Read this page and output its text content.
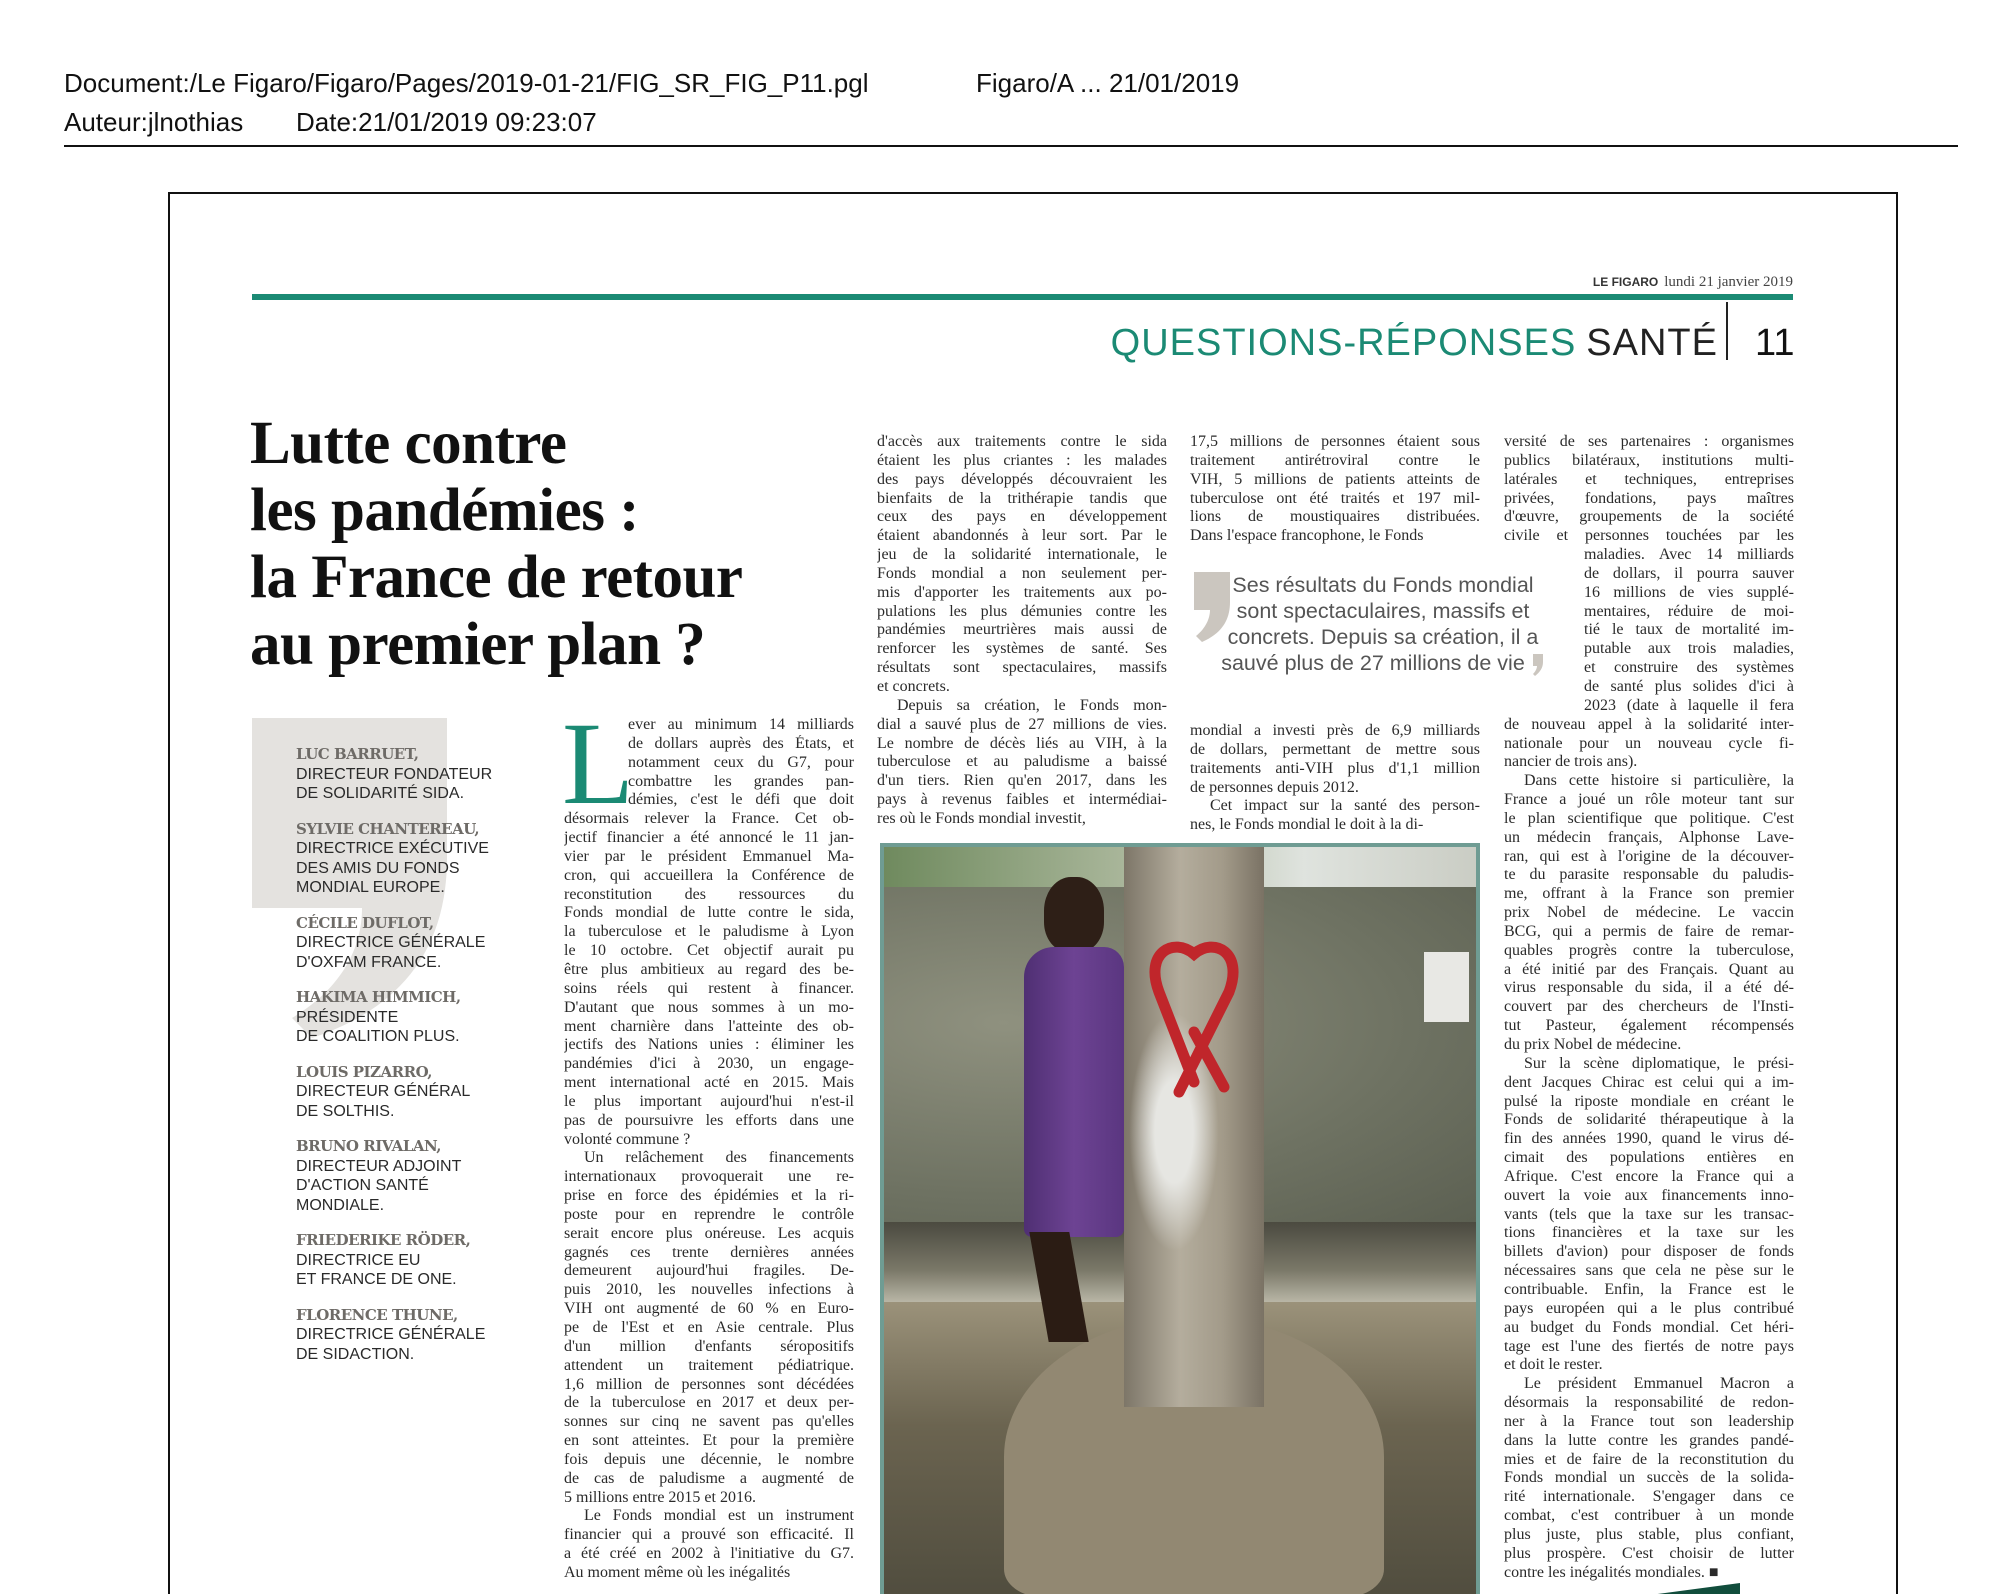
Document:/Le Figaro/Figaro/Pages/2019-01-21/FIG_SR_FIG_P11.pgl	Figaro/A ... 21/01/2019
Auteur:jlnothias Date:21/01/2019 09:23:07
LE FIGARO lundi 21 janvier 2019
QUESTIONS-RÉPONSES SANTÉ 11
Lutte contre
les pandémies :
la France de retour
au premier plan ?
LUC BARRUET,
DIRECTEUR FONDATEUR
DE SOLIDARITÉ SIDA.
SYLVIE CHANTEREAU,
DIRECTRICE EXÉCUTIVE
DES AMIS DU FONDS
MONDIAL EUROPE.
CÉCILE DUFLOT,
DIRECTRICE GÉNÉRALE
D'OXFAM FRANCE.
HAKIMA HIMMICH,
PRÉSIDENTE
DE COALITION PLUS.
LOUIS PIZARRO,
DIRECTEUR GÉNÉRAL
DE SOLTHIS.
BRUNO RIVALAN,
DIRECTEUR ADJOINT
D'ACTION SANTÉ
MONDIALE.
FRIEDERIKE RÖDER,
DIRECTRICE EU
ET FRANCE DE ONE.
FLORENCE THUNE,
DIRECTRICE GÉNÉRALE
DE SIDACTION.
L
ever au minimum 14 milliards
de dollars auprès des États, et
notamment ceux du G7, pour
combattre les grandes pan-
démies, c'est le défi que doit
désormais relever la France. Cet ob-
jectif financier a été annoncé le 11 jan-
vier par le président Emmanuel Ma-
cron, qui accueillera la Conférence de
reconstitution des ressources du
Fonds mondial de lutte contre le sida,
la tuberculose et le paludisme à Lyon
le 10 octobre. Cet objectif aurait pu
être plus ambitieux au regard des be-
soins réels qui restent à financer.
D'autant que nous sommes à un mo-
ment charnière dans l'atteinte des ob-
jectifs des Nations unies : éliminer les
pandémies d'ici à 2030, un engage-
ment international acté en 2015. Mais
le plus important aujourd'hui n'est-il
pas de poursuivre les efforts dans une
volonté commune ?
Un relâchement des financements
internationaux provoquerait une re-
prise en force des épidémies et la ri-
poste pour en reprendre le contrôle
serait encore plus onéreuse. Les acquis
gagnés ces trente dernières années
demeurent aujourd'hui fragiles. De-
puis 2010, les nouvelles infections à
VIH ont augmenté de 60 % en Euro-
pe de l'Est et en Asie centrale. Plus
d'un million d'enfants séropositifs
attendent un traitement pédiatrique.
1,6 million de personnes sont décédées
de la tuberculose en 2017 et deux per-
sonnes sur cinq ne savent pas qu'elles
en sont atteintes. Et pour la première
fois depuis une décennie, le nombre
de cas de paludisme a augmenté de
5 millions entre 2015 et 2016.
Le Fonds mondial est un instrument
financier qui a prouvé son efficacité. Il
a été créé en 2002 à l'initiative du G7.
Au moment même où les inégalités
d'accès aux traitements contre le sida
étaient les plus criantes : les malades
des pays développés découvraient les
bienfaits de la trithérapie tandis que
ceux des pays en développement
étaient abandonnés à leur sort. Par le
jeu de la solidarité internationale, le
Fonds mondial a non seulement per-
mis d'apporter les traitements aux po-
pulations les plus démunies contre les
pandémies meurtrières mais aussi de
renforcer les systèmes de santé. Ses
résultats sont spectaculaires, massifs
et concrets.
Depuis sa création, le Fonds mon-
dial a sauvé plus de 27 millions de vies.
Le nombre de décès liés au VIH, à la
tuberculose et au paludisme a baissé
d'un tiers. Rien qu'en 2017, dans les
pays à revenus faibles et intermédiai-
res où le Fonds mondial investit,
17,5 millions de personnes étaient sous
traitement antirétroviral contre le
VIH, 5 millions de patients atteints de
tuberculose ont été traités et 197 mil-
lions de moustiquaires distribuées.
Dans l'espace francophone, le Fonds
mondial a investi près de 6,9 milliards
de dollars, permettant de mettre sous
traitements anti-VIH plus d'1,1 million
de personnes depuis 2012.
Cet impact sur la santé des person-
nes, le Fonds mondial le doit à la di-
versité de ses partenaires : organismes
publics bilatéraux, institutions multi-
latérales et techniques, entreprises
privées, fondations, pays maîtres
d'œuvre, groupements de la société
civile et personnes touchées par les
maladies. Avec 14 milliards
de dollars, il pourra sauver
16 millions de vies supplé-
mentaires, réduire de moi-
tié le taux de mortalité im-
putable aux trois maladies,
et construire des systèmes
de santé plus solides d'ici à
2023 (date à laquelle il fera
de nouveau appel à la solidarité inter-
nationale pour un nouveau cycle fi-
nancier de trois ans).
Dans cette histoire si particulière, la
France a joué un rôle moteur tant sur
le plan scientifique que politique. C'est
un médecin français, Alphonse Lave-
ran, qui est à l'origine de la découver-
te du parasite responsable du paludis-
me, offrant à la France son premier
prix Nobel de médecine. Le vaccin
BCG, qui a permis de faire de remar-
quables progrès contre la tuberculose,
a été initié par des Français. Quant au
virus responsable du sida, il a été dé-
couvert par des chercheurs de l'Insti-
tut Pasteur, également récompensés
du prix Nobel de médecine.
Sur la scène diplomatique, le prési-
dent Jacques Chirac est celui qui a im-
pulsé la riposte mondiale en créant le
Fonds de solidarité thérapeutique à la
fin des années 1990, quand le virus dé-
cimait des populations entières en
Afrique. C'est encore la France qui a
ouvert la voie aux financements inno-
vants (tels que la taxe sur les transac-
tions financières et la taxe sur les
billets d'avion) pour disposer de fonds
nécessaires sans que cela ne pèse sur le
contribuable. Enfin, la France est le
pays européen qui a le plus contribué
au budget du Fonds mondial. Cet héri-
tage est l'une des fiertés de notre pays
et doit le rester.
Le président Emmanuel Macron a
désormais la responsabilité de redon-
ner à la France tout son leadership
dans la lutte contre les grandes pandé-
mies et de faire de la reconstitution du
Fonds mondial un succès de la solida-
rité internationale. S'engager dans ce
combat, c'est contribuer à un monde
plus juste, plus stable, plus confiant,
plus prospère. C'est choisir de lutter
contre les inégalités mondiales. ■
Ses résultats du Fonds mondial
sont spectaculaires, massifs et
concrets. Depuis sa création, il a
sauvé plus de 27 millions de vie
